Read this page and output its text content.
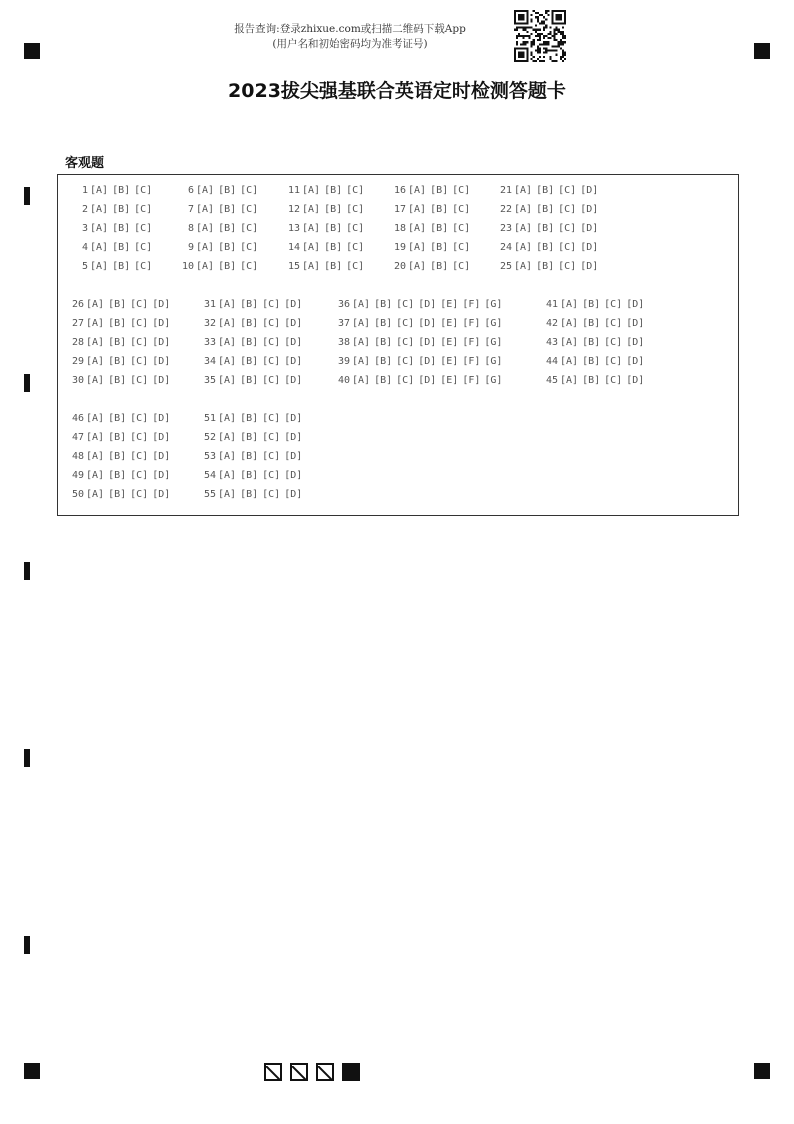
报告查询:登录zhixue.com或扫描二维码下载App
(用户名和初始密码均为准考证号)
2023拔尖强基联合英语定时检测答题卡
客观题
1 [A] [B] [C]
2 [A] [B] [C]
3 [A] [B] [C]
4 [A] [B] [C]
5 [A] [B] [C]
6 [A] [B] [C]
7 [A] [B] [C]
8 [A] [B] [C]
9 [A] [B] [C]
10 [A] [B] [C]
11 [A] [B] [C]
12 [A] [B] [C]
13 [A] [B] [C]
14 [A] [B] [C]
15 [A] [B] [C]
16 [A] [B] [C]
17 [A] [B] [C]
18 [A] [B] [C]
19 [A] [B] [C]
20 [A] [B] [C]
21 [A] [B] [C] [D]
22 [A] [B] [C] [D]
23 [A] [B] [C] [D]
24 [A] [B] [C] [D]
25 [A] [B] [C] [D]
26 [A] [B] [C] [D]
27 [A] [B] [C] [D]
28 [A] [B] [C] [D]
29 [A] [B] [C] [D]
30 [A] [B] [C] [D]
31 [A] [B] [C] [D]
32 [A] [B] [C] [D]
33 [A] [B] [C] [D]
34 [A] [B] [C] [D]
35 [A] [B] [C] [D]
36 [A] [B] [C] [D] [E] [F] [G]
37 [A] [B] [C] [D] [E] [F] [G]
38 [A] [B] [C] [D] [E] [F] [G]
39 [A] [B] [C] [D] [E] [F] [G]
40 [A] [B] [C] [D] [E] [F] [G]
41 [A] [B] [C] [D]
42 [A] [B] [C] [D]
43 [A] [B] [C] [D]
44 [A] [B] [C] [D]
45 [A] [B] [C] [D]
46 [A] [B] [C] [D]
47 [A] [B] [C] [D]
48 [A] [B] [C] [D]
49 [A] [B] [C] [D]
50 [A] [B] [C] [D]
51 [A] [B] [C] [D]
52 [A] [B] [C] [D]
53 [A] [B] [C] [D]
54 [A] [B] [C] [D]
55 [A] [B] [C] [D]
